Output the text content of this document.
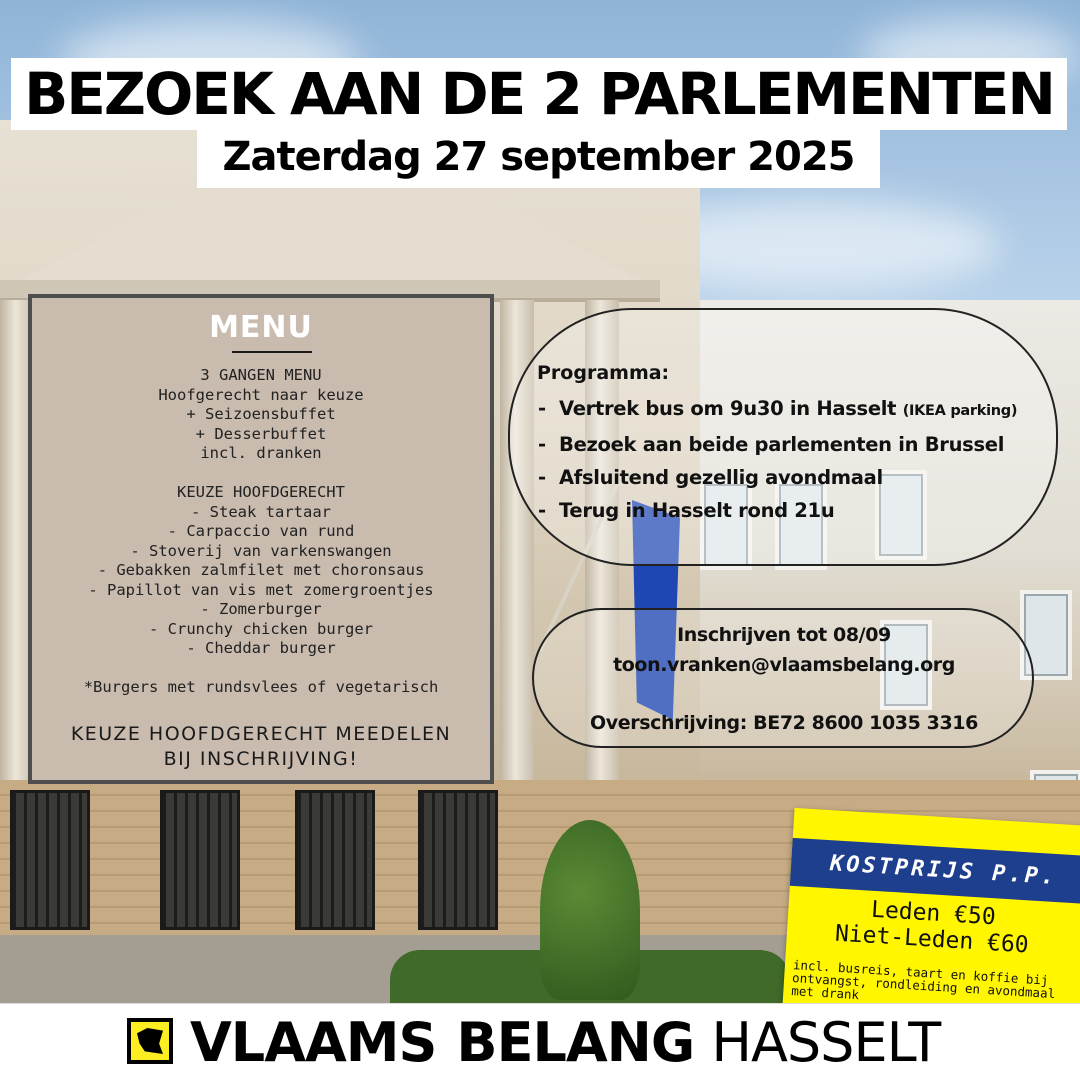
BEZOEK AAN DE 2 PARLEMENTEN
Zaterdag 27 september 2025
MENU
3 GANGEN MENU
Hoofgerecht naar keuze
+ Seizoensbuffet
+ Desserbuffet
incl. dranken
KEUZE HOOFDGERECHT
- Steak tartaar
- Carpaccio van rund
- Stoverij van varkenswangen
- Gebakken zalmfilet met choronsaus
- Papillot van vis met zomergroentjes
- Zomerburger
- Crunchy chicken burger
- Cheddar burger
*Burgers met rundsvlees of vegetarisch
KEUZE HOOFDGERECHT MEEDELEN
BIJ INSCHRIJVING!
Programma:
- Vertrek bus om 9u30 in Hasselt (IKEA parking)
- Bezoek aan beide parlementen in Brussel
- Afsluitend gezellig avondmaal
- Terug in Hasselt rond 21u
Inschrijven tot 08/09
toon.vranken@vlaamsbelang.org
Overschrijving: BE72 8600 1035 3316
KOSTPRIJS P.P.
Leden €50
Niet-Leden €60
incl. busreis, taart en koffie bij ontvangst, rondleiding en avondmaal met drank
VLAAMS BELANG HASSELT
